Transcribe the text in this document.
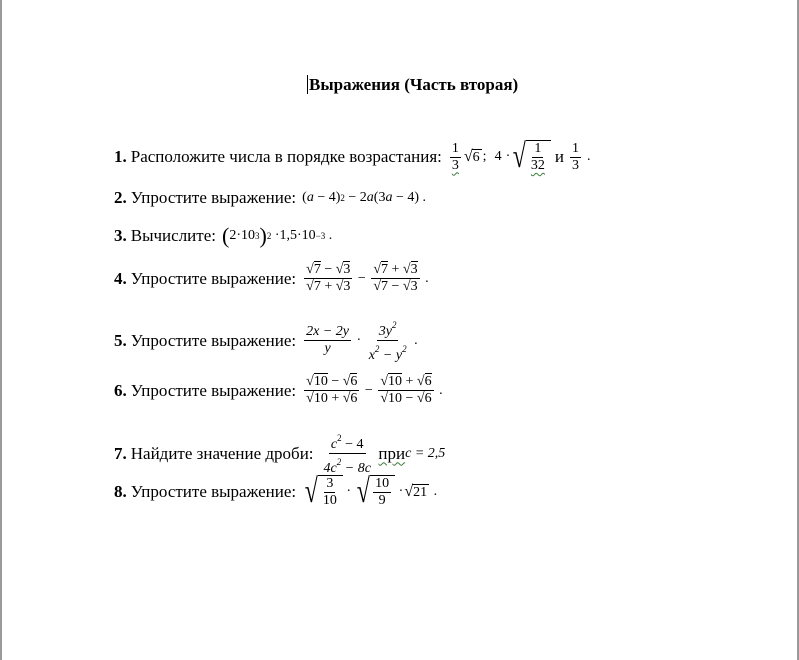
Выражения (Часть вторая)
1. Расположите числа в порядке возрастания: $\frac{1}{3}$ √ 6 ; 4 · √ $\frac{1}{32}$ и $\frac{1}{3}$ .
2. Упростите выражение: ( a − 4 ) 2 − 2 a ( 3 a − 4 ) .
3. Вычислите: ( 2 · 10 3 ) 2
·1,5·10 −3
.
4. Упростите выражение: $\frac{√7 - √3}{√7 + √3} - \frac{√7 + √3}{√7 - √3}$
.
5. Упростите выражение: $\frac{2x - 2y}{y} \cdot \frac{3y^2}{x^2 - y^2}$
.
6. Упростите выражение: $\frac{√10 - √6}{√10 + √6} - \frac{√10 + √6}{√10 - √6}$
.
7. Найдите значение дроби: $\frac{c^2 - 4}{4c^2 - 8c}$
при c = 2,5
8. Упростите выражение: √ $\frac{3}{10}$ · √ $\frac{10}{9}$ · √ 21
.
